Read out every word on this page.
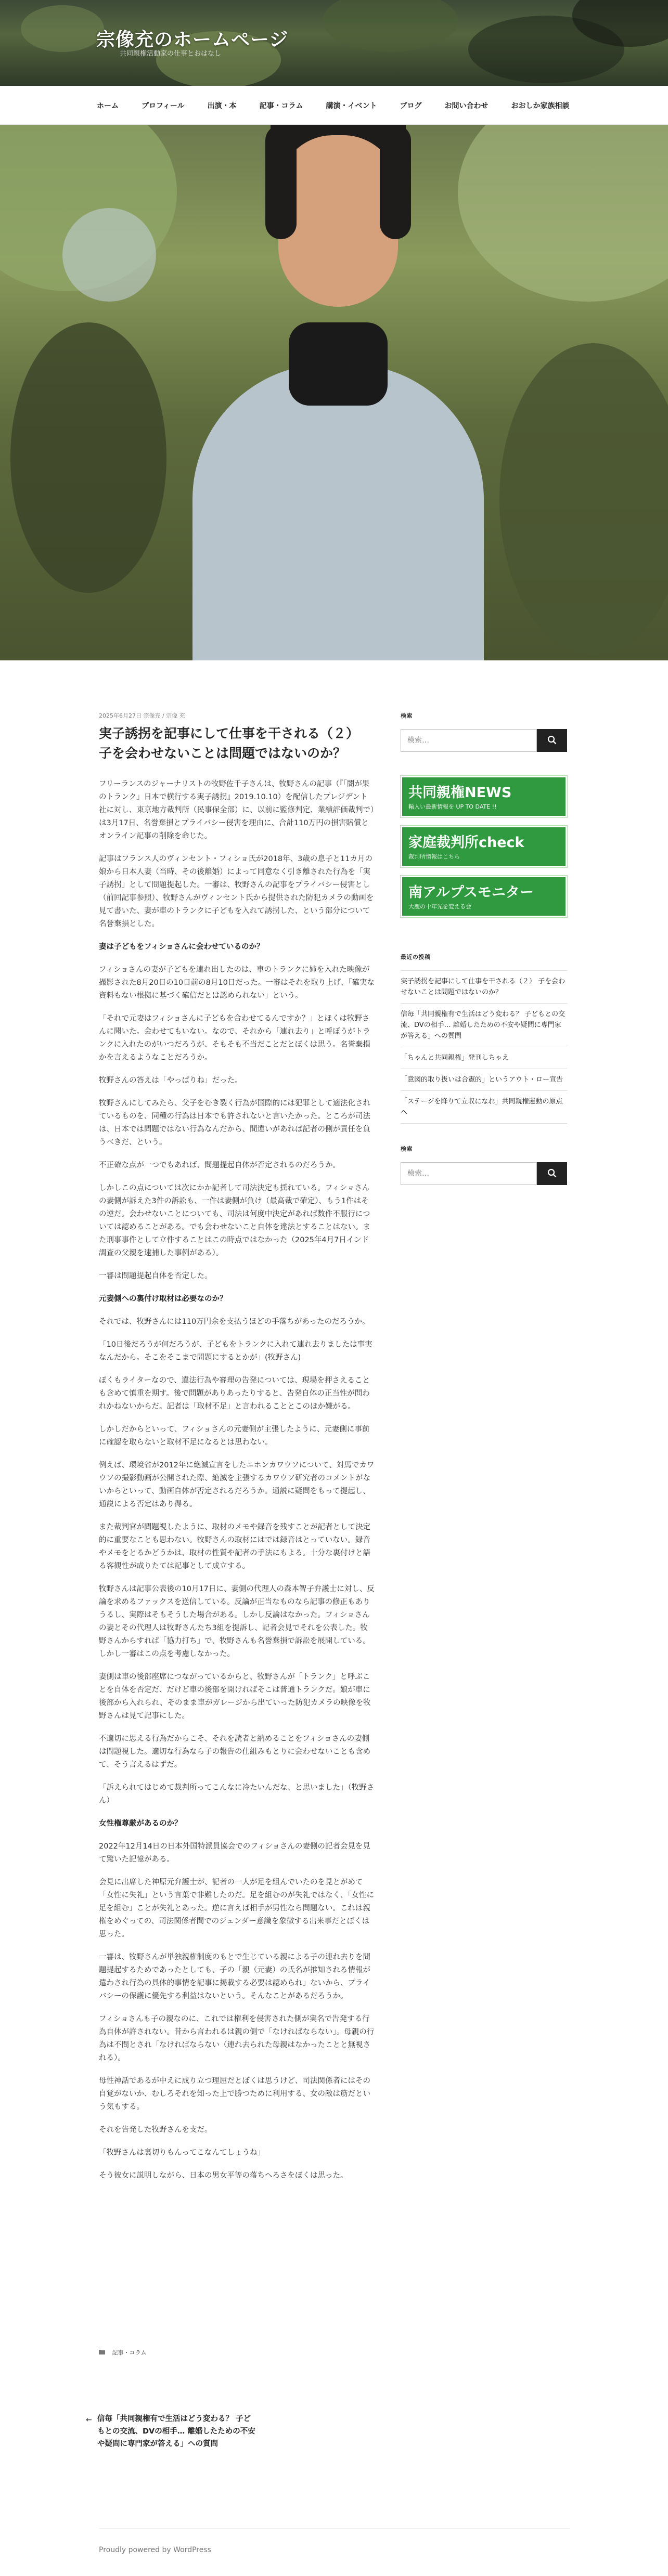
宗像充のホームページ
共同親権活動家の仕事とおはなし
ホーム	プロフィール	出演・本	記事・コラム	講演・イベント	ブログ	お問い合わせ	おおしか家族相談
2025年6月27日 宗像充 / 宗像 充
実子誘拐を記事にして仕事を干される（２） 子を会わせないことは問題ではないのか？

フリーランスのジャーナリストの牧野佐千子さんは、牧野さんの記事（『「闇が果のトランク」日本で横行する実子誘拐』2019.10.10）を配信したプレジデント社に対し、東京地方裁判所（民事保全部）に、以前に監修判定、業績評価裁判で）は3月17日、名誉棄損とプライバシー侵害を理由に、合計110万円の損害賠償とオンライン記事の削除を命じた。

記事はフランス人のヴィンセント・フィショ氏が2018年、3歳の息子と11カ月の娘から日本人妻（当時、その後離婚）によって同意なく引き離された行為を「実子誘拐」として問題提起した。一審は、牧野さんの記事をプライバシー侵害とし（前回記事参照）、牧野さんがヴィンセント氏から提供された防犯カメラの動画を見て書いた、妻が車のトランクに子どもを入れて誘拐した、という部分について名誉棄損とした。

妻は子どもをフィショさんに会わせているのか？

フィショさんの妻が子どもを連れ出したのは、車のトランクに姉を入れた映像が撮影された8月20日の10日前の8月10日だった。一審はそれを取り上げ、「確実な資料もない根拠に基づく確信だとは認められない」という。

「それで元妻はフィショさんに子どもを合わせてるんですか？」とほくは牧野さんに聞いた。会わせてもいない。なので、それから「連れ去り」と呼ぼうがトランクに入れたのがいつだろうが、そもそも不当だことだとぼくは思う。名誉棄損かを言えるようなことだろうか。

牧野さんの答えは「やっぱりね」だった。

牧野さんにしてみたら、父子をむき裂く行為が国際的には犯罪として適法化されているものを、同種の行為は日本でも許されないと言いたかった。ところが司法は、日本では問題ではない行為なんだから、間違いがあれば記者の側が責任を負うべきだ、という。

不正確な点が一つでもあれば、問題提起自体が否定されるのだろうか。

しかしこの点については次にかか記者して司法決定も揺れている。フィショさんの妻側が訴えた3件の訴訟も、一件は妻側が負け（最高裁で確定）、もう1件はその逆だ。会わせないことについても、司法は何度中決定があれば数件不服行については認めることがある。でも会わせないこと自体を違法とすることはない。また刑事事件として立件することはこの時点ではなかった（2025年4月7日インド調査の父親を逮捕した事例がある）。

一審は問題提起自体を否定した。

元妻側への裏付け取材は必要なのか？

それでは、牧野さんには110万円余を支払うほどの手落ちがあったのだろうか。

「10日後だろうが何だろうが、子どもをトランクに入れて連れ去りましたは事実なんだから。そこをそこまで問題にするとかが」(牧野さん)

ぼくもライターなので、違法行為や審理の告発については、現場を押さえることも含めて慎重を期す。後で問題がありあったりすると、告発自体の正当性が問われかねないからだ。記者は「取材不足」と言われることとこのほか嫌がる。

しかしだからといって、フィショさんの元妻側が主張したように、元妻側に事前に確認を取らないと取材不足になるとは思わない。

例えば、環境省が2012年に絶滅宣言をしたニホンカワウソについて、対馬でカワウソの撮影動画が公開された際、絶滅を主張するカワウソ研究者のコメントがないからといって、動画自体が否定されるだろうか。通説に疑問をもって提起し、通説による否定はあり得る。

また裁判官が問題視したように、取材のメモや録音を残すことが記者として決定的に重要なことも思わない。牧野さんの取材にはでは録音はとっていない。録音やメモをとるかどうかは、取材の性質や記者の手法にもよる。十分な裏付けと語る客観性が成りたては記事として成立する。

牧野さんは記事公表後の10月17日に、妻側の代理人の森本智子弁護士に対し、反論を求めるファックスを送信している。反論が正当なものなら記事の修正もありうるし、実際はそもそうした場合がある。しかし反論はなかった。フィショさんの妻とその代理人は牧野さんたち3組を提訴し、記者会見でそれを公表した。牧野さんからすれば「協力打ち」で、牧野さんも名誉棄損で訴訟を展開している。しかし一審はこの点を考慮しなかった。

妻側は車の後部座席につながっているからと、牧野さんが「トランク」と呼ぶことを自体を否定だ、だけど車の後部を開ければそこは普通トランクだ。娘が車に後部から入れられ、そのまま車がガレージから出ていった防犯カメラの映像を牧野さんは見て記事にした。

不適切に思える行為だからこそ、それを読者と納めることをフィショさんの妻側は問題視した。適切な行為なら子の報告の仕組みもとりに会わせないことも含めて、そう言えるはずだ。

「訴えられてはじめて裁判所ってこんなに冷たいんだな、と思いました」（牧野さん）

女性権尊厳があるのか？

2022年12月14日の日本外国特派員協会でのフィショさんの妻側の記者会見を見て驚いた記憶がある。

会見に出席した神原元弁護士が、記者の一人が足を組んでいたのを見とがめて「女性に失礼」という言葉で非難したのだ。足を組むのが失礼ではなく、「女性に足を組む」ことが失礼とあった。逆に言えば相手が男性なら問題ない。これは親権をめぐっての、司法関係者間でのジェンダー意識を象徴する出来事だとぼくは思った。

一審は、牧野さんが単独親権制度のもとで生じている親による子の連れ去りを問題提起するためであったとしても、子の「親（元妻）の氏名が推知される情報が遣わされ行為の具体的事情を記事に掲載する必要は認められ」ないから、プライバシーの保護に優先する利益はないという。そんなことがあるだろうか。

フィショさんも子の親なのに、これでは権利を侵害された側が実名で告発する行為自体が許されない。昔から言われるは親の側で「なければならない」。母親の行為は不問とされ「なければならない（連れ去られた母親はなかったことと無視される）。

母性神話であるが中えに成り立つ理屈だとぼくは思うけど、司法関係者にはその自覚がないか、むしろそれを知った上で勝つために利用する、女の敵は筋だという気もする。

それを告発した牧野さんを支だ。

「牧野さんは裏切りもんってこなんてしょうね」

そう彼女に説明しながら、日本の男女平等の落ちへろさをぼくは思った。

記事・コラム
← 信毎「共同親権有で生活はどう変わる？ 子どもとの交流、DVの相手… 離婚したための不安や疑問に専門家が答える」への質問
Proudly powered by WordPress
検索
検索…
共同親権NEWS
輸入い最新情報を UP TO DATE !!
家庭裁判所check
裁判所情報はこちら
南アルプスモニター
大鹿の十年先を変える会
最近の投稿
実子誘拐を記事にして仕事を干される（２） 子を会わせないことは問題ではないのか？
信毎「共同親権有で生活はどう変わる？ 子どもとの交流、DVの相手… 離婚したための不安や疑問に専門家が答える」への質問
「ちゃんと共同親権」発刊しちゃえ
「意図的取り扱いは合憲的」というアウト・ロー宣告
「ステージを降りて立収になれ」共同親権運動の原点へ
検索
検索…
